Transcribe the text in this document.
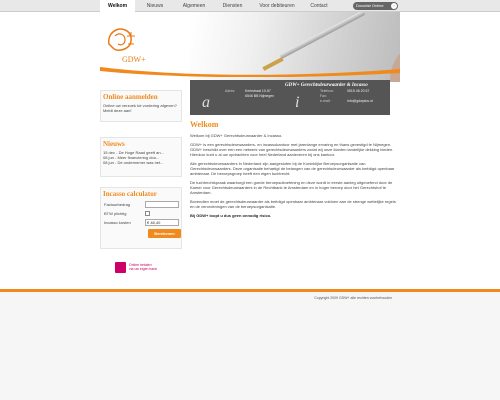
Welkom	Nieuws	Algemeen	Diensten	Voor debiteuren	Contact	Docufair Online	›
GDW+
GDW+ Gerechtsdeurwaarder & Incasso
a
Adres:	Kerkstraat 10-57
6546 BB Nijmegen i
Telefoon:	0515 46 20 67
Fax:
e-mail:	info@gdwplus.nl
Online aanmelden
Online uw verzoek tot vordering afgeven? Meldt deze aan!
Nieuws
15 dec - De Hoge Raad geeft an...
08 jun - Meer financiering doo...
08 jun - De ondernemer was het...
Incasso calculator
Factuurbedrag
BTW plichtig
Incasso kosten
€ 48,40
Berekenen
Online betalen
via uw eigen bank
Welkom

Welkom bij GDW+ Gerechtsdeurwaarder & Incasso.

GDW+ is een gerechtsdeurwaarders- en incassokantoor met jarenlange ervaring en thans gevestigd te Nijmegen. GDW+ beschikt over een een netwerk van gerechtsdeurwaarders zodat wij onze klanten landelijke dekking bieden. Hierdoor kunt u al uw opdrachten voor heel Nederland aanleveren bij ons kantoor.

Alle gerechtsdeurwaarders in Nederland zijn aangesloten bij de Koninklijke Beroepsorganisatie van Gerechtsdeurwaarders. Deze organisatie behartigt de belangen van de gerechtsdeurwaarder als beëdigd openbaar ambtenaar. De beroepsgroep heeft een eigen tuchtrecht.

De tuchtrechtspraak waarborgt een goede beroepsuitoefening en deze wordt in eerste aanleg uitgeoefend door de Kamer voor Gerechtsdeurwaarders in de Rechtbank te Amsterdam en in hoger beroep door het Gerechtshof te Amsterdam.

Bovendien moet de gerechtsdeurwaarder als beëdigd openbaar ambtenaar voldoen aan de strenge wettelijke regels en de verordeningen van de beroepsorganisatie.

Bij GDW+ loopt u dus geen onnodig risico.

Copyright 2009 GDW+ alle rechten voorbehouden
